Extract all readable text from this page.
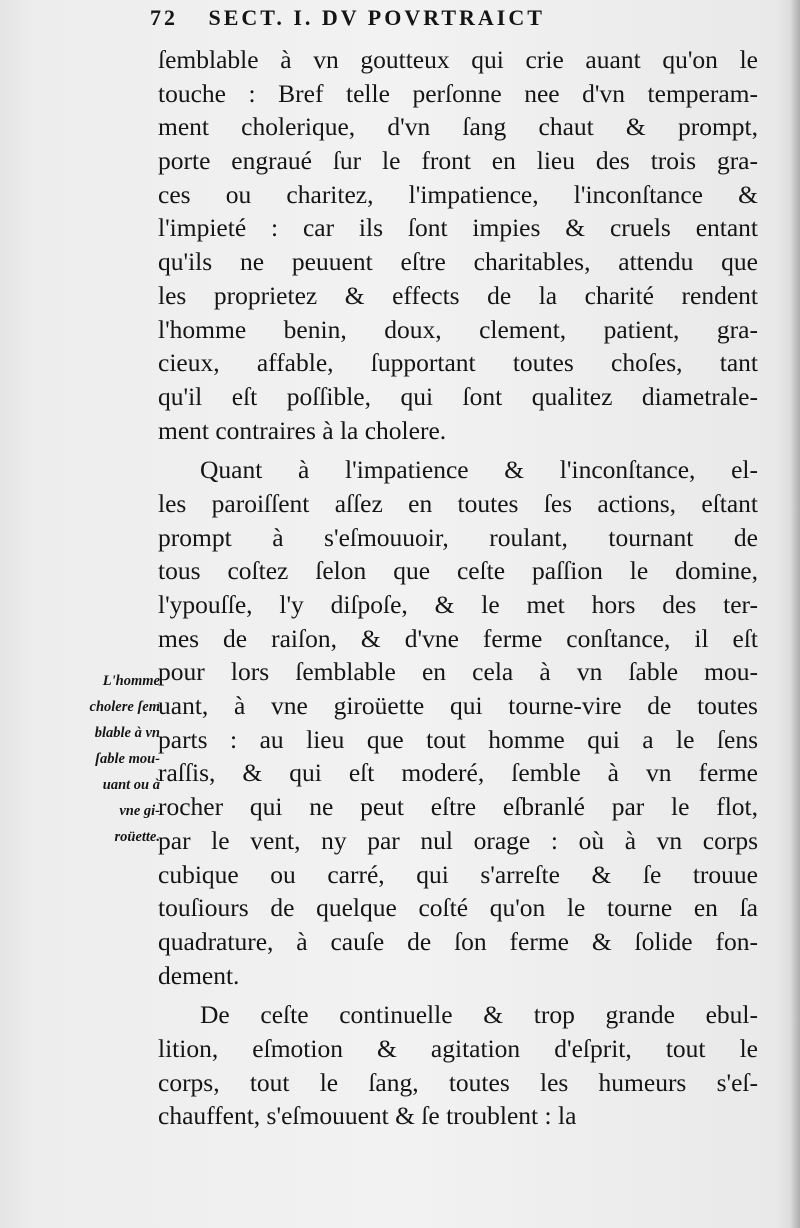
72 SECT. I. DV POVRTRAICT
ſemblable à vn goutteux qui crie auant qu'on le
touche : Bref telle perſonne nee d'vn temperam-
ment cholerique, d'vn ſang chaut & prompt,
porte engraué ſur le front en lieu des trois gra-
ces ou charitez, l'impatience, l'inconſtance &
l'impieté : car ils ſont impies & cruels entant
qu'ils ne peuuent eſtre charitables, attendu que
les proprietez & effects de la charité rendent
l'homme benin, doux, clement, patient, gra-
cieux, affable, ſupportant toutes choſes, tant
qu'il eſt poſſible, qui ſont qualitez diametrale-
ment contraires à la cholere.
Quant à l'impatience & l'inconſtance, el-
les paroiſſent aſſez en toutes ſes actions, eſtant
prompt à s'eſmouuoir, roulant, tournant de
tous coſtez ſelon que ceſte paſſion le domine,
l'ypouſſe, l'y diſpoſe, & le met hors des ter-
mes de raiſon, & d'vne ferme conſtance, il eſt
pour lors ſemblable en cela à vn ſable mou-
uant, à vne giroüette qui tourne-vire de toutes
parts : au lieu que tout homme qui a le ſens
raſſis, & qui eſt moderé, ſemble à vn ferme
rocher qui ne peut eſtre eſbranlé par le flot,
par le vent, ny par nul orage : où à vn corps
cubique ou carré, qui s'arreſte & ſe trouue
touſiours de quelque coſté qu'on le tourne en ſa
quadrature, à cauſe de ſon ferme & ſolide fon-
dement.
De ceſte continuelle & trop grande ebul-
lition, eſmotion & agitation d'eſprit, tout le
corps, tout le ſang, toutes les humeurs s'eſ-
chauffent, s'eſmouuent & ſe troublent : la
L'homme
cholere ſem
blable à vn
ſable mou-
uant ou à
vne gi-
roüette.
